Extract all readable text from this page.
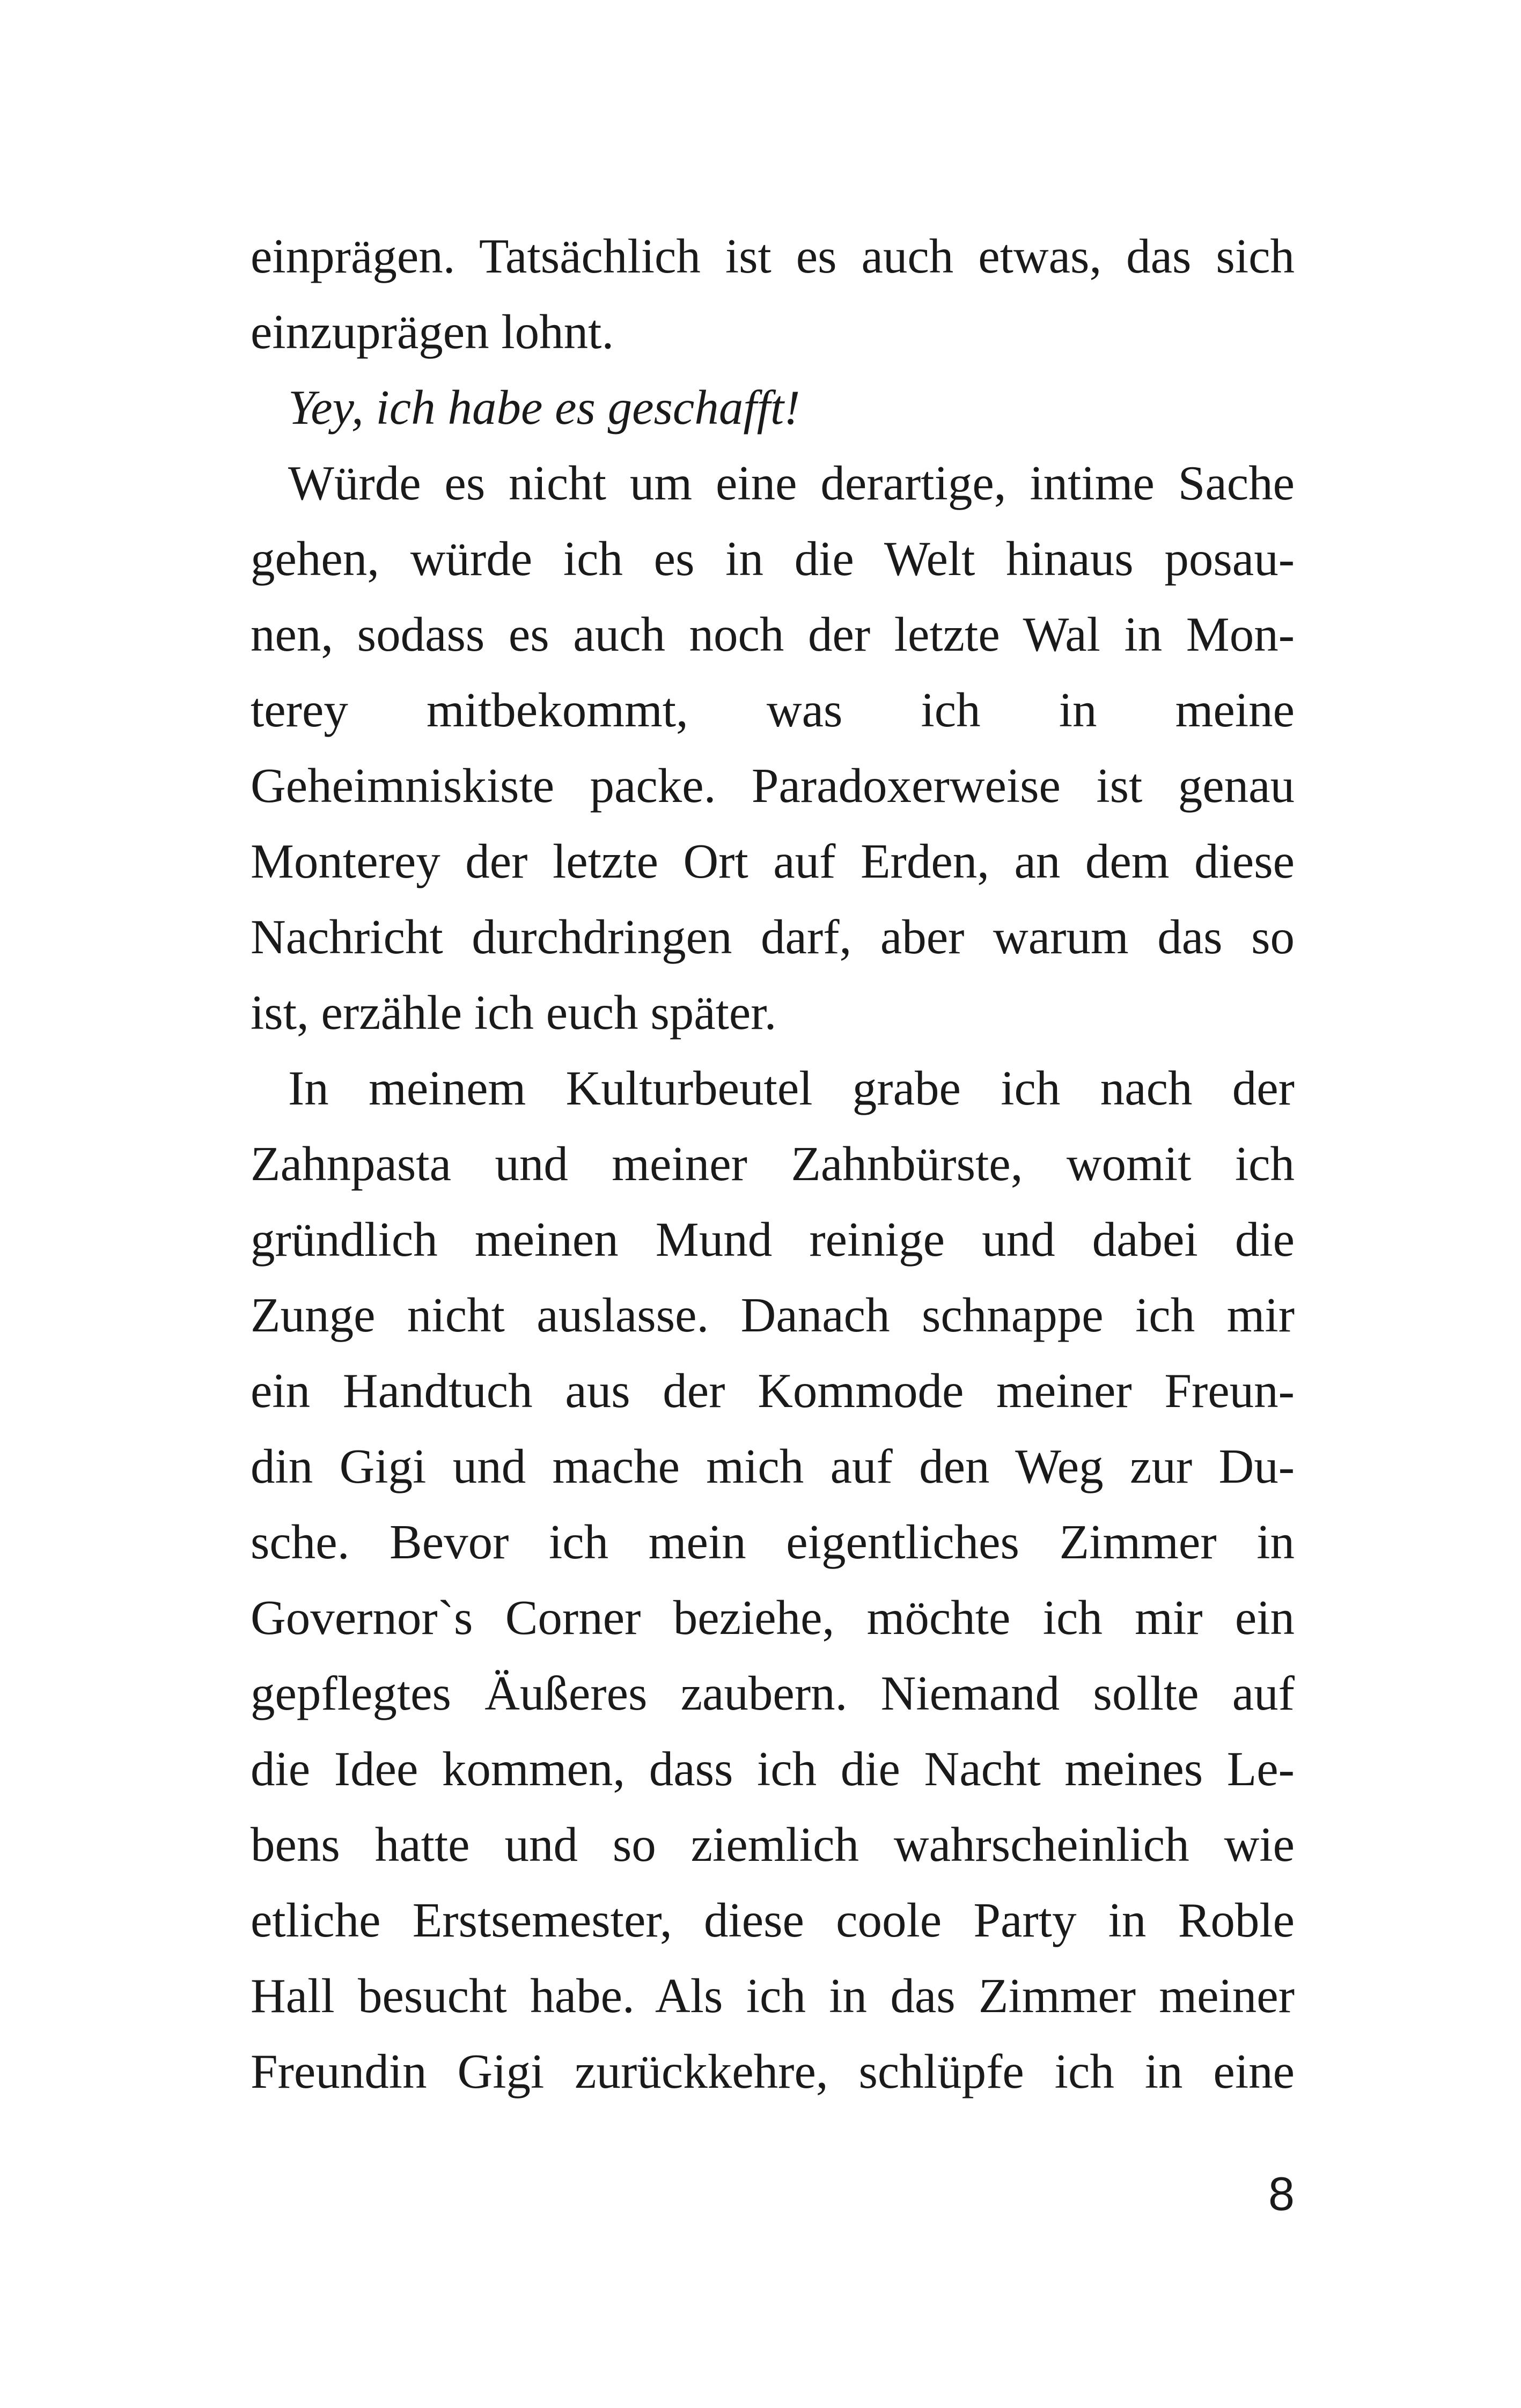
einprägen. Tatsächlich ist es auch etwas, das sich
einzuprägen lohnt.
Yey, ich habe es geschafft!
Würde es nicht um eine derartige, intime Sache
gehen, würde ich es in die Welt hinaus posau-
nen, sodass es auch noch der letzte Wal in Mon-
terey mitbekommt, was ich in meine
Geheimniskiste packe. Paradoxerweise ist genau
Monterey der letzte Ort auf Erden, an dem diese
Nachricht durchdringen darf, aber warum das so
ist, erzähle ich euch später.
In meinem Kulturbeutel grabe ich nach der
Zahnpasta und meiner Zahnbürste, womit ich
gründlich meinen Mund reinige und dabei die
Zunge nicht auslasse. Danach schnappe ich mir
ein Handtuch aus der Kommode meiner Freun-
din Gigi und mache mich auf den Weg zur Du-
sche. Bevor ich mein eigentliches Zimmer in
Governor`s Corner beziehe, möchte ich mir ein
gepflegtes Äußeres zaubern. Niemand sollte auf
die Idee kommen, dass ich die Nacht meines Le-
bens hatte und so ziemlich wahrscheinlich wie
etliche Erstsemester, diese coole Party in Roble
Hall besucht habe. Als ich in das Zimmer meiner
Freundin Gigi zurückkehre, schlüpfe ich in eine
8
